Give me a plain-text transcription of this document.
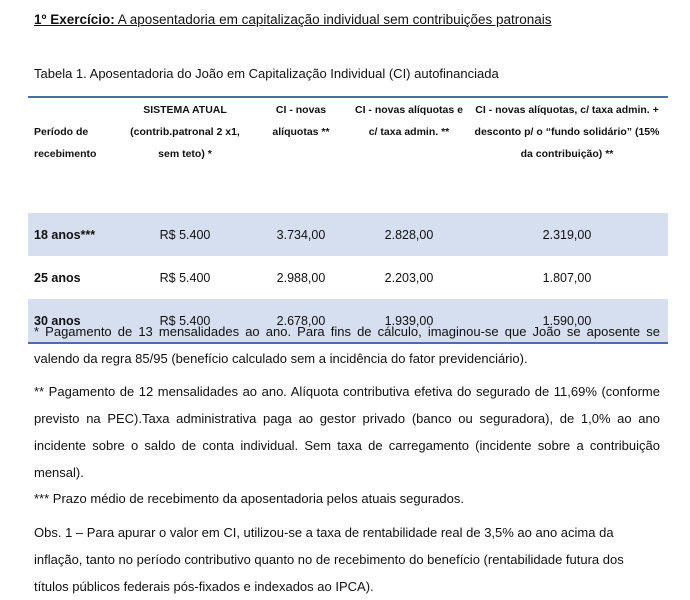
1º Exercício: A aposentadoria em capitalização individual sem contribuições patronais
Tabela 1. Aposentadoria do João em Capitalização Individual (CI) autofinanciada
Período de recebimento	SISTEMA ATUAL (contrib.patronal 2 x1, sem teto) *	CI - novas alíquotas **	CI - novas alíquotas e c/ taxa admin. **	CI - novas alíquotas, c/ taxa admin. + desconto p/ o “fundo solidário” (15% da contribuição) **
18 anos***	R$ 5.400	3.734,00	2.828,00	2.319,00
25 anos	R$ 5.400	2.988,00	2.203,00	1.807,00
30 anos	R$ 5.400	2.678,00	1.939,00	1.590,00

* Pagamento de 13 mensalidades ao ano. Para fins de cálculo, imaginou-se que João se aposente se valendo da regra 85/95 (benefício calculado sem a incidência do fator previdenciário).

** Pagamento de 12 mensalidades ao ano. Alíquota contributiva efetiva do segurado de 11,69% (conforme previsto na PEC).Taxa administrativa paga ao gestor privado (banco ou seguradora), de 1,0% ao ano incidente sobre o saldo de conta individual. Sem taxa de carregamento (incidente sobre a contribuição mensal).

*** Prazo médio de recebimento da aposentadoria pelos atuais segurados.

Obs. 1 – Para apurar o valor em CI, utilizou-se a taxa de rentabilidade real de 3,5% ao ano acima da inflação, tanto no período contributivo quanto no de recebimento do benefício (rentabilidade futura dos títulos públicos federais pós-fixados e indexados ao IPCA).
